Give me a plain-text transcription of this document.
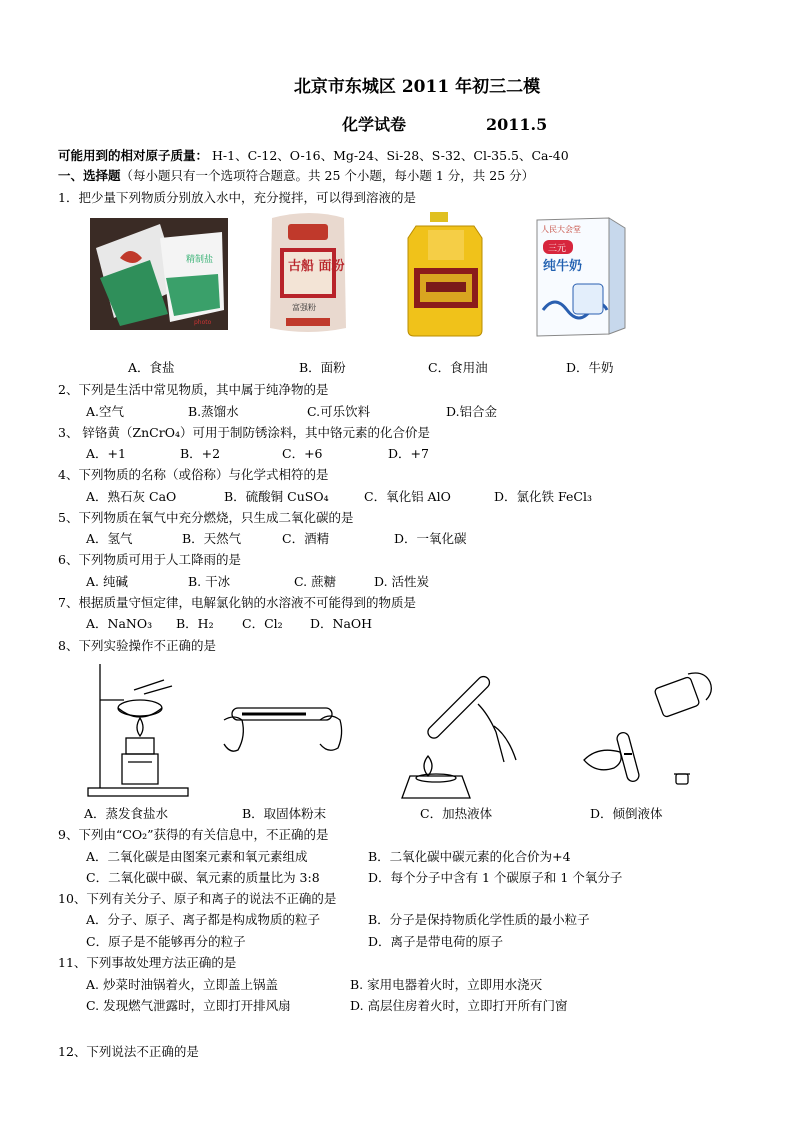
北京市东城区 2011 年初三二模
化学试卷	2011.5
可能用到的相对原子质量： H-1、C-12、O-16、Mg-24、Si-28、S-32、Cl-35.5、Ca-40
一、选择题（每小题只有一个选项符合题意。共 25 个小题，每小题 1 分，共 25 分）
1．把少量下列物质分别放入水中，充分搅拌，可以得到溶液的是
精制盐
photo
古船 面粉
富强粉
人民大会堂
三元
纯牛奶
A．食盐	B．面粉	C．食用油	D．牛奶
2、下列是生活中常见物质，其中属于纯净物的是
A.空气	B.蒸馏水	C.可乐饮料	D.铝合金
3、 锌铬黄（ZnCrO₄）可用于制防锈涂料，其中铬元素的化合价是
A．+1	B．+2	C．+6	D．+7
4、下列物质的名称（或俗称）与化学式相符的是
A．熟石灰 CaO	B．硫酸铜 CuSO₄	C．氧化铝 AlO	D．氯化铁 FeCl₃
5、下列物质在氧气中充分燃烧，只生成二氧化碳的是
A．氢气	B．天然气	C．酒精	D．一氧化碳
6、下列物质可用于人工降雨的是
A. 纯碱	B. 干冰	C. 蔗糖	D. 活性炭
7、根据质量守恒定律，电解氯化钠的水溶液不可能得到的物质是
A．NaNO₃ B．H₂ C．Cl₂ D．NaOH
8、下列实验操作不正确的是
A．蒸发食盐水	B．取固体粉末	C．加热液体	D．倾倒液体
9、下列由“CO₂”获得的有关信息中，不正确的是
A．二氧化碳是由图案元素和氧元素组成	B．二氧化碳中碳元素的化合价为+4
C．二氧化碳中碳、氧元素的质量比为 3:8	D．每个分子中含有 1 个碳原子和 1 个氧分子
10、下列有关分子、原子和离子的说法不正确的是
A．分子、原子、离子都是构成物质的粒子	B．分子是保持物质化学性质的最小粒子
C．原子是不能够再分的粒子	D．离子是带电荷的原子
11、下列事故处理方法正确的是
A. 炒菜时油锅着火，立即盖上锅盖	B. 家用电器着火时，立即用水浇灭
C. 发现燃气泄露时，立即打开排风扇	D. 高层住房着火时，立即打开所有门窗
12、下列说法不正确的是
